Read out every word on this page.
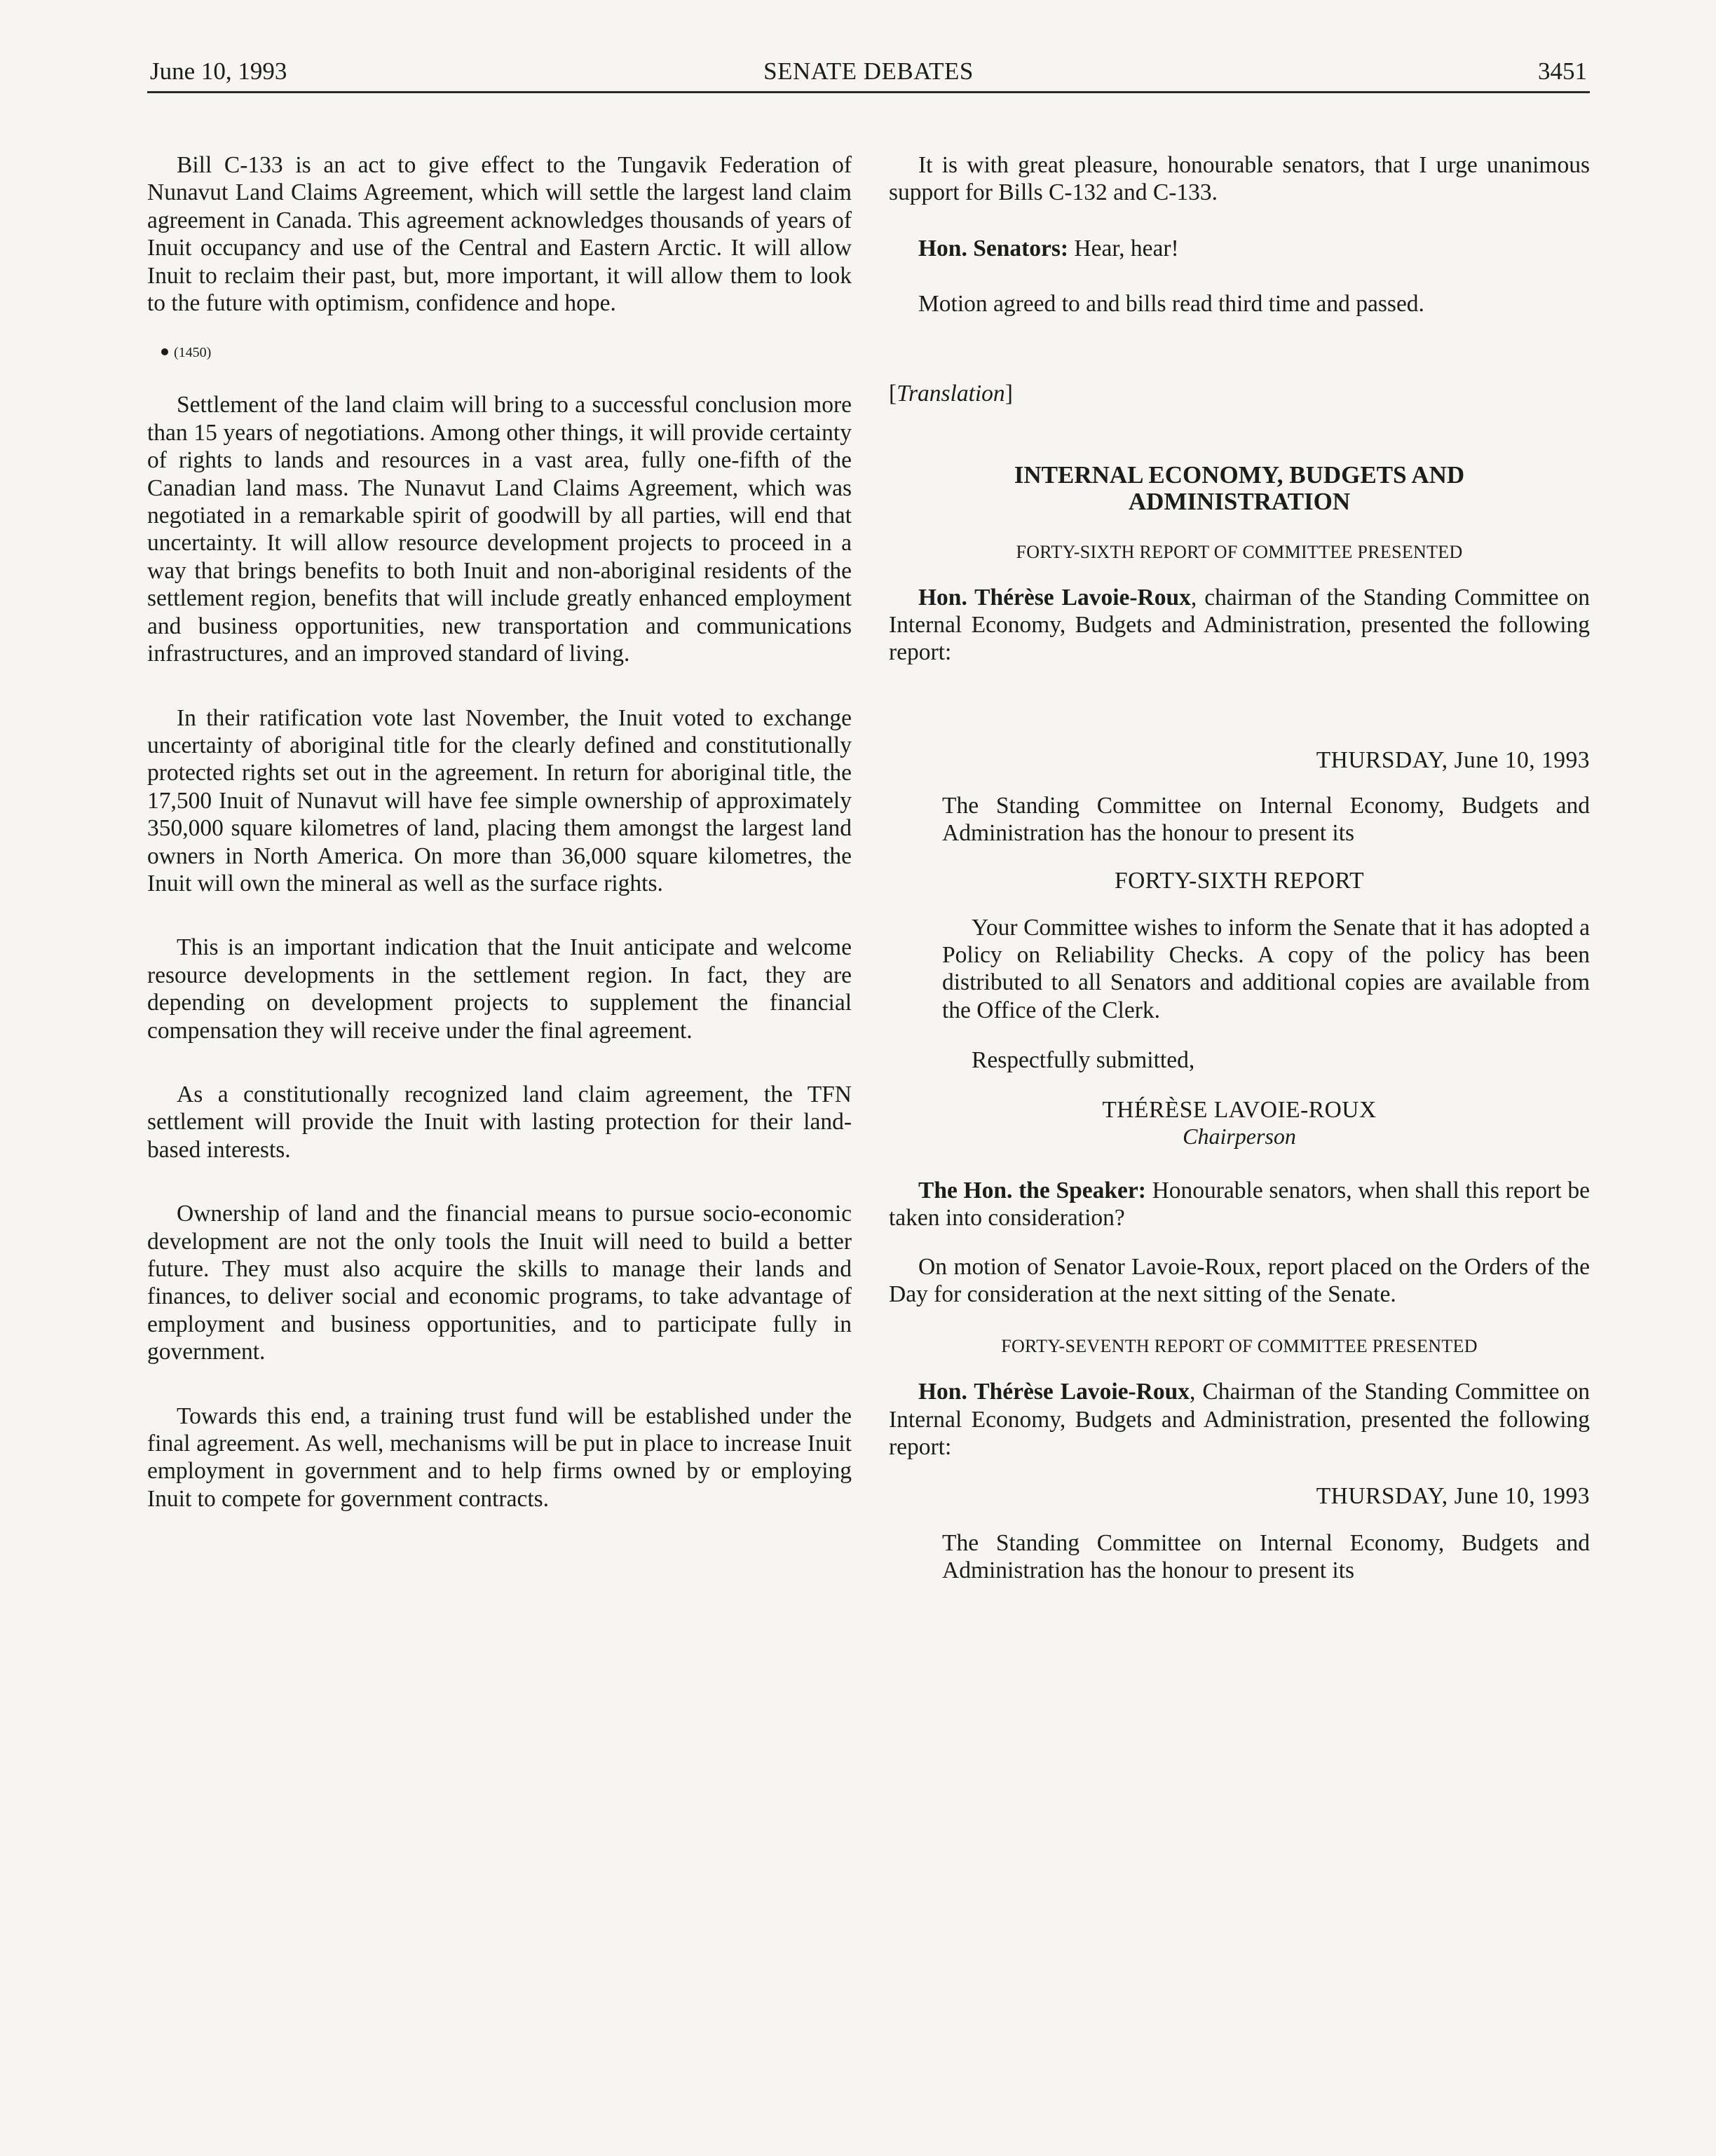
June 10, 1993	SENATE DEBATES	3451

Bill C-133 is an act to give effect to the Tungavik Federation of Nunavut Land Claims Agreement, which will settle the largest land claim agreement in Canada. This agreement acknowledges thousands of years of Inuit occupancy and use of the Central and Eastern Arctic. It will allow Inuit to reclaim their past, but, more important, it will allow them to look to the future with optimism, confidence and hope.

(1450)

Settlement of the land claim will bring to a successful conclusion more than 15 years of negotiations. Among other things, it will provide certainty of rights to lands and resources in a vast area, fully one-fifth of the Canadian land mass. The Nunavut Land Claims Agreement, which was negotiated in a remarkable spirit of goodwill by all parties, will end that uncertainty. It will allow resource development projects to proceed in a way that brings benefits to both Inuit and non-aboriginal residents of the settlement region, benefits that will include greatly enhanced employment and business opportunities, new transportation and communications infrastructures, and an improved standard of living.

In their ratification vote last November, the Inuit voted to exchange uncertainty of aboriginal title for the clearly defined and constitutionally protected rights set out in the agreement. In return for aboriginal title, the 17,500 Inuit of Nunavut will have fee simple ownership of approximately 350,000 square kilometres of land, placing them amongst the largest land owners in North America. On more than 36,000 square kilometres, the Inuit will own the mineral as well as the surface rights.

This is an important indication that the Inuit anticipate and welcome resource developments in the settlement region. In fact, they are depending on development projects to supplement the financial compensation they will receive under the final agreement.

As a constitutionally recognized land claim agreement, the TFN settlement will provide the Inuit with lasting protection for their land-based interests.

Ownership of land and the financial means to pursue socio-economic development are not the only tools the Inuit will need to build a better future. They must also acquire the skills to manage their lands and finances, to deliver social and economic programs, to take advantage of employment and business opportunities, and to participate fully in government.

Towards this end, a training trust fund will be established under the final agreement. As well, mechanisms will be put in place to increase Inuit employment in government and to help firms owned by or employing Inuit to compete for government contracts.

It is with great pleasure, honourable senators, that I urge unanimous support for Bills C-132 and C-133.

Hon. Senators: Hear, hear!

Motion agreed to and bills read third time and passed.

[Translation]
INTERNAL ECONOMY, BUDGETS AND ADMINISTRATION
FORTY-SIXTH REPORT OF COMMITTEE PRESENTED

Hon. Thérèse Lavoie-Roux, chairman of the Standing Committee on Internal Economy, Budgets and Administration, presented the following report:

THURSDAY, June 10, 1993

The Standing Committee on Internal Economy, Budgets and Administration has the honour to present its

FORTY-SIXTH REPORT

Your Committee wishes to inform the Senate that it has adopted a Policy on Reliability Checks. A copy of the policy has been distributed to all Senators and additional copies are available from the Office of the Clerk.

Respectfully submitted,

THÉRÈSE LAVOIE-ROUX
Chairperson

The Hon. the Speaker: Honourable senators, when shall this report be taken into consideration?

On motion of Senator Lavoie-Roux, report placed on the Orders of the Day for consideration at the next sitting of the Senate.

FORTY-SEVENTH REPORT OF COMMITTEE PRESENTED

Hon. Thérèse Lavoie-Roux, Chairman of the Standing Committee on Internal Economy, Budgets and Administration, presented the following report:

THURSDAY, June 10, 1993

The Standing Committee on Internal Economy, Budgets and Administration has the honour to present its
